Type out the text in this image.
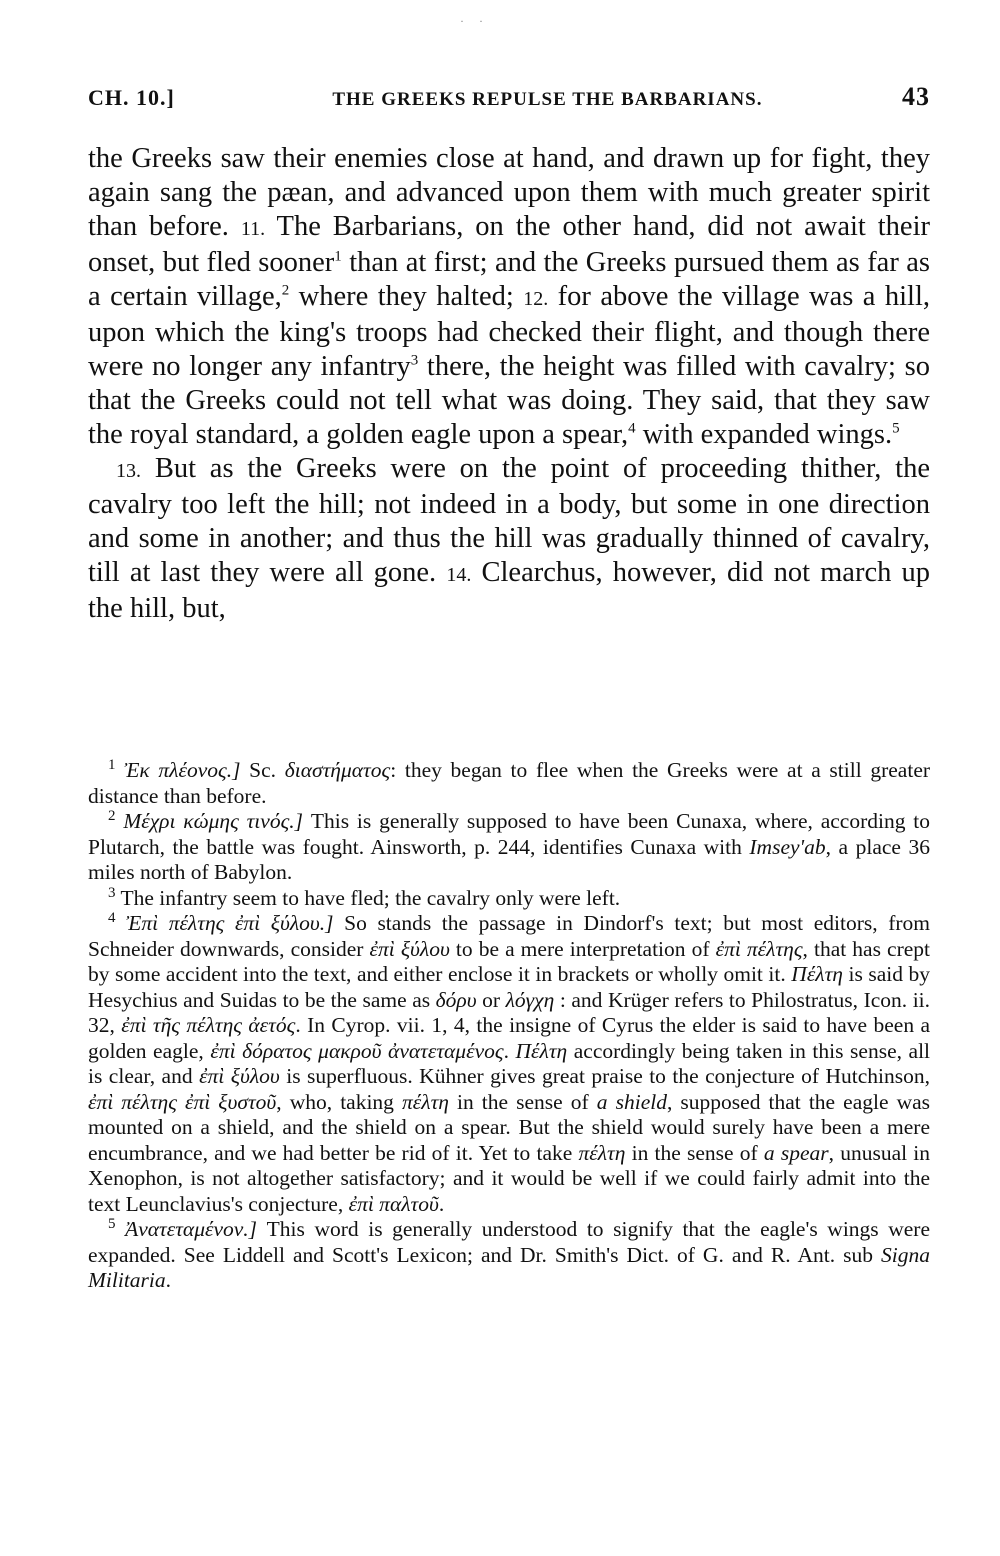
· ·
CH. 10.]	THE GREEKS REPULSE THE BARBARIANS.	43

the Greeks saw their enemies close at hand, and drawn up for fight, they again sang the pæan, and advanced upon them with much greater spirit than before. 11. The Barbarians, on the other hand, did not await their onset, but fled sooner$^1$ than at first; and the Greeks pursued them as far as a certain village,$^2$ where they halted; 12. for above the village was a hill, upon which the king's troops had checked their flight, and though there were no longer any infantry$^3$ there, the height was filled with cavalry; so that the Greeks could not tell what was doing. They said, that they saw the royal standard, a golden eagle upon a spear,$^4$ with expanded wings.$^5$

13. But as the Greeks were on the point of proceeding thither, the cavalry too left the hill; not indeed in a body, but some in one direction and some in another; and thus the hill was gradually thinned of cavalry, till at last they were all gone. 14. Clearchus, however, did not march up the hill, but,

$^1$ Ἐκ πλέονος.] Sc. διαστήματος: they began to flee when the Greeks were at a still greater distance than before.

$^2$ Μέχρι κώμης τινός.] This is generally supposed to have been Cunaxa, where, according to Plutarch, the battle was fought. Ainsworth, p. 244, identifies Cunaxa with Imsey'ab, a place 36 miles north of Babylon.

$^3$ The infantry seem to have fled; the cavalry only were left.

$^4$ Ἐπὶ πέλτης ἐπὶ ξύλου.] So stands the passage in Dindorf's text; but most editors, from Schneider downwards, consider ἐπὶ ξύλου to be a mere interpretation of ἐπὶ πέλτης, that has crept by some accident into the text, and either enclose it in brackets or wholly omit it. Πέλτη is said by Hesychius and Suidas to be the same as δόρυ or λόγχη : and Krüger refers to Philostratus, Icon. ii. 32, ἐπὶ τῆς πέλτης ἀετός. In Cyrop. vii. 1, 4, the insigne of Cyrus the elder is said to have been a golden eagle, ἐπὶ δόρατος μακροῦ ἀνατεταμένος. Πέλτη accordingly being taken in this sense, all is clear, and ἐπὶ ξύλου is superfluous. Kühner gives great praise to the conjecture of Hutchinson, ἐπὶ πέλτης ἐπὶ ξυστοῦ, who, taking πέλτη in the sense of a shield, supposed that the eagle was mounted on a shield, and the shield on a spear. But the shield would surely have been a mere encumbrance, and we had better be rid of it. Yet to take πέλτη in the sense of a spear, unusual in Xenophon, is not altogether satisfactory; and it would be well if we could fairly admit into the text Leunclavius's conjecture, ἐπὶ παλτοῦ.

$^5$ Ἀνατεταμένον.] This word is generally understood to signify that the eagle's wings were expanded. See Liddell and Scott's Lexicon; and Dr. Smith's Dict. of G. and R. Ant. sub Signa Militaria.
